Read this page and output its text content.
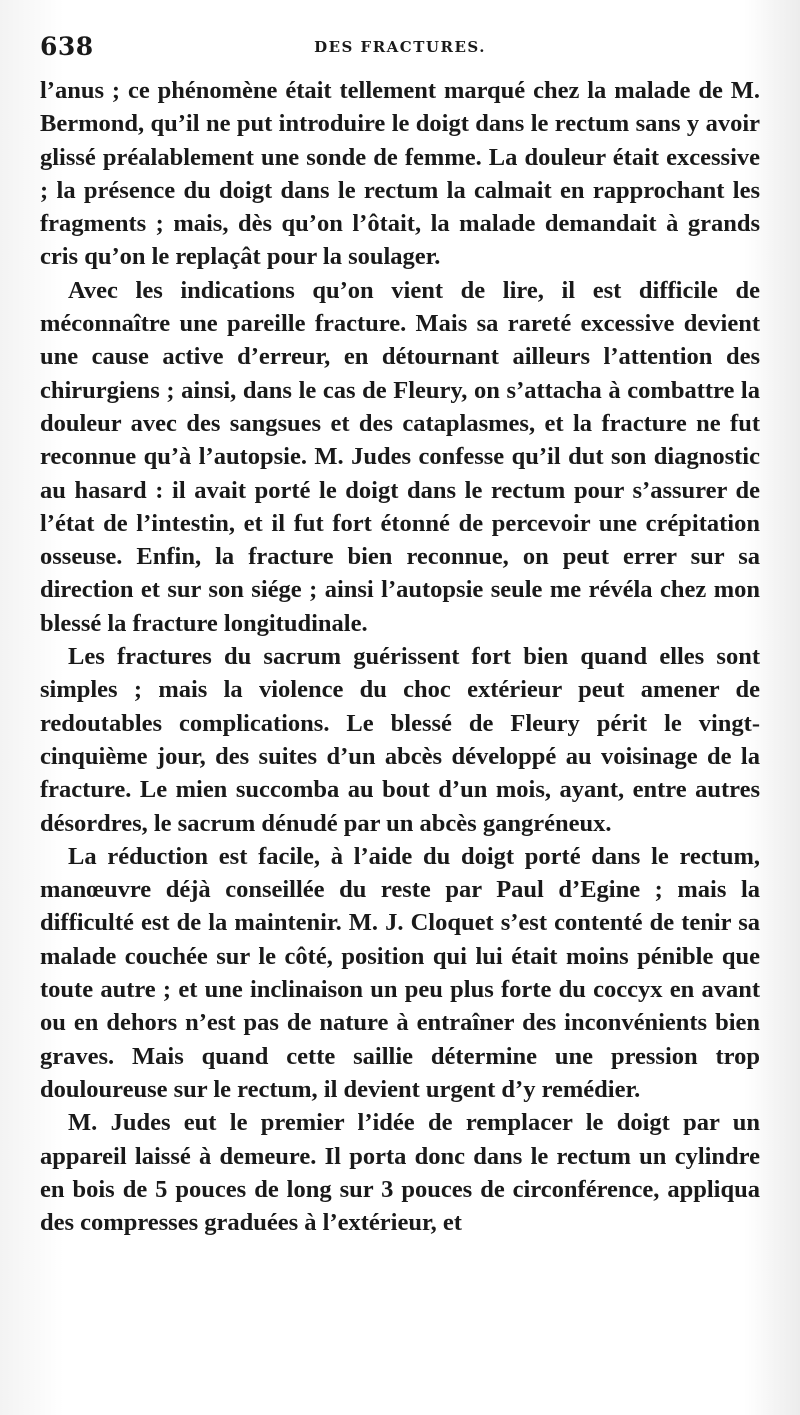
638	DES FRACTURES.

l’anus ; ce phénomène était tellement marqué chez la malade de M. Bermond, qu’il ne put introduire le doigt dans le rectum sans y avoir glissé préalablement une sonde de femme. La douleur était excessive ; la présence du doigt dans le rectum la calmait en rapprochant les fragments ; mais, dès qu’on l’ôtait, la malade demandait à grands cris qu’on le replaçât pour la soulager.

Avec les indications qu’on vient de lire, il est difficile de méconnaître une pareille fracture. Mais sa rareté excessive devient une cause active d’erreur, en détournant ailleurs l’attention des chirurgiens ; ainsi, dans le cas de Fleury, on s’attacha à combattre la douleur avec des sangsues et des cataplasmes, et la fracture ne fut reconnue qu’à l’autopsie. M. Judes confesse qu’il dut son diagnostic au hasard : il avait porté le doigt dans le rectum pour s’assurer de l’état de l’intestin, et il fut fort étonné de percevoir une crépitation osseuse. Enfin, la fracture bien reconnue, on peut errer sur sa direction et sur son siége ; ainsi l’autopsie seule me révéla chez mon blessé la fracture longitudinale.

Les fractures du sacrum guérissent fort bien quand elles sont simples ; mais la violence du choc extérieur peut amener de redoutables complications. Le blessé de Fleury périt le vingt-cinquième jour, des suites d’un abcès développé au voisinage de la fracture. Le mien succomba au bout d’un mois, ayant, entre autres désordres, le sacrum dénudé par un abcès gangréneux.

La réduction est facile, à l’aide du doigt porté dans le rectum, manœuvre déjà conseillée du reste par Paul d’Egine ; mais la difficulté est de la maintenir. M. J. Cloquet s’est contenté de tenir sa malade couchée sur le côté, position qui lui était moins pénible que toute autre ; et une inclinaison un peu plus forte du coccyx en avant ou en dehors n’est pas de nature à entraîner des inconvénients bien graves. Mais quand cette saillie détermine une pression trop douloureuse sur le rectum, il devient urgent d’y remédier.

M. Judes eut le premier l’idée de remplacer le doigt par un appareil laissé à demeure. Il porta donc dans le rectum un cylindre en bois de 5 pouces de long sur 3 pouces de circonférence, appliqua des compresses graduées à l’extérieur, et
